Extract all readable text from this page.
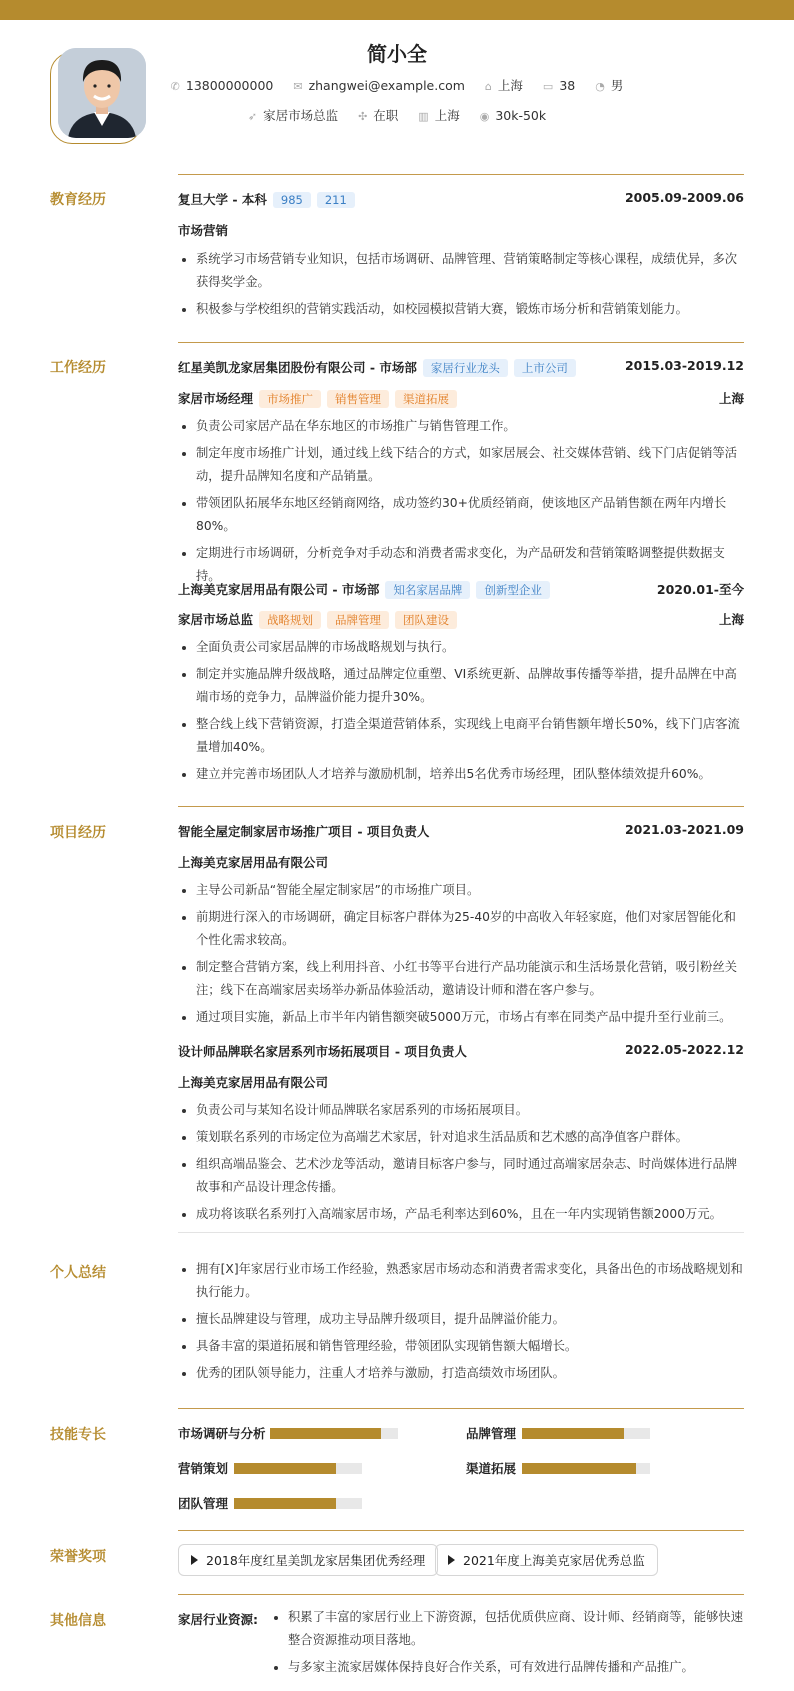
简小全
✆ 13800000000 ✉ zhangwei@example.com ⌂ 上海 ▭ 38 ◔ 男
➶ 家居市场总监 ✣ 在职 ▥ 上海 ◉ 30k-50k
教育经历	复旦大学 - 本科 985 211	2005.09-2009.06
市场营销
系统学习市场营销专业知识，包括市场调研、品牌管理、营销策略制定等核心课程，成绩优异，多次获得奖学金。
积极参与学校组织的营销实践活动，如校园模拟营销大赛，锻炼市场分析和营销策划能力。
工作经历	红星美凯龙家居集团股份有限公司 - 市场部 家居行业龙头 上市公司	2015.03-2019.12
家居市场经理 市场推广 销售管理 渠道拓展	上海
负责公司家居产品在华东地区的市场推广与销售管理工作。
制定年度市场推广计划，通过线上线下结合的方式，如家居展会、社交媒体营销、线下门店促销等活动，提升品牌知名度和产品销量。
带领团队拓展华东地区经销商网络，成功签约30+优质经销商，使该地区产品销售额在两年内增长80%。
定期进行市场调研，分析竞争对手动态和消费者需求变化，为产品研发和营销策略调整提供数据支持。
上海美克家居用品有限公司 - 市场部 知名家居品牌 创新型企业	2020.01-至今
家居市场总监 战略规划 品牌管理 团队建设	上海
全面负责公司家居品牌的市场战略规划与执行。
制定并实施品牌升级战略，通过品牌定位重塑、VI系统更新、品牌故事传播等举措，提升品牌在中高端市场的竞争力，品牌溢价能力提升30%。
整合线上线下营销资源，打造全渠道营销体系，实现线上电商平台销售额年增长50%，线下门店客流量增加40%。
建立并完善市场团队人才培养与激励机制，培养出5名优秀市场经理，团队整体绩效提升60%。
项目经历	智能全屋定制家居市场推广项目 - 项目负责人	2021.03-2021.09
上海美克家居用品有限公司
主导公司新品“智能全屋定制家居”的市场推广项目。
前期进行深入的市场调研，确定目标客户群体为25-40岁的中高收入年轻家庭，他们对家居智能化和个性化需求较高。
制定整合营销方案，线上利用抖音、小红书等平台进行产品功能演示和生活场景化营销，吸引粉丝关注；线下在高端家居卖场举办新品体验活动，邀请设计师和潜在客户参与。
通过项目实施，新品上市半年内销售额突破5000万元，市场占有率在同类产品中提升至行业前三。
设计师品牌联名家居系列市场拓展项目 - 项目负责人	2022.05-2022.12
上海美克家居用品有限公司
负责公司与某知名设计师品牌联名家居系列的市场拓展项目。
策划联名系列的市场定位为高端艺术家居，针对追求生活品质和艺术感的高净值客户群体。
组织高端品鉴会、艺术沙龙等活动，邀请目标客户参与，同时通过高端家居杂志、时尚媒体进行品牌故事和产品设计理念传播。
成功将该联名系列打入高端家居市场，产品毛利率达到60%，且在一年内实现销售额2000万元。
个人总结	拥有[X]年家居行业市场工作经验，熟悉家居市场动态和消费者需求变化，具备出色的市场战略规划和执行能力。
擅长品牌建设与管理，成功主导品牌升级项目，提升品牌溢价能力。
具备丰富的渠道拓展和销售管理经验，带领团队实现销售额大幅增长。
优秀的团队领导能力，注重人才培养与激励，打造高绩效市场团队。
技能专长	市场调研与分析	品牌管理
营销策划	渠道拓展
团队管理
荣誉奖项	2018年度红星美凯龙家居集团优秀经理	2021年度上海美克家居优秀总监
其他信息	家居行业资源:	积累了丰富的家居行业上下游资源，包括优质供应商、设计师、经销商等，能够快速整合资源推动项目落地。
与多家主流家居媒体保持良好合作关系，可有效进行品牌传播和产品推广。
